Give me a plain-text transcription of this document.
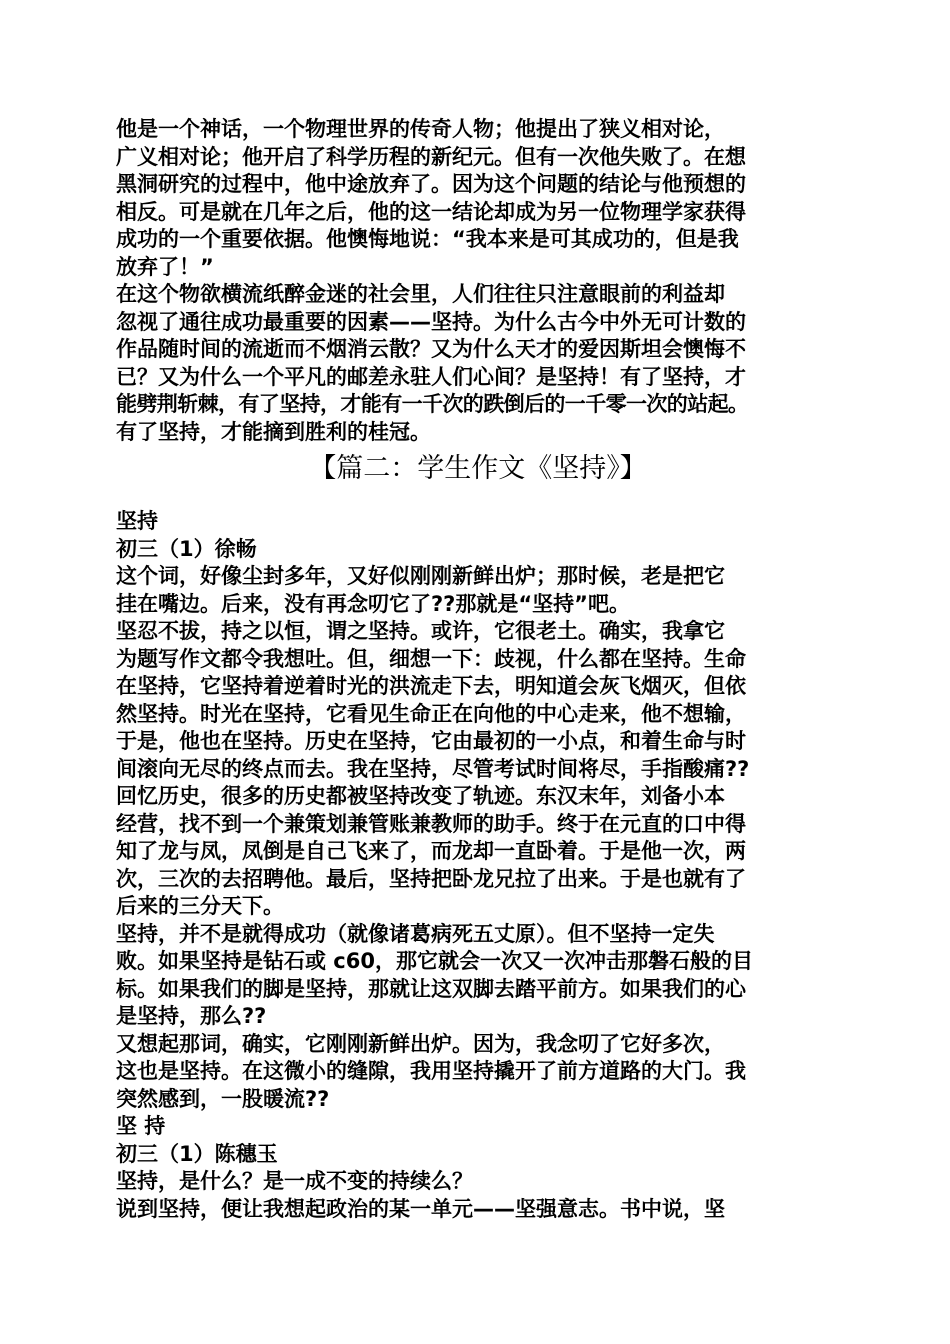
他是一个神话，一个物理世界的传奇人物；他提出了狭义相对论，
广义相对论；他开启了科学历程的新纪元。但有一次他失败了。在想
黑洞研究的过程中，他中途放弃了。因为这个问题的结论与他预想的
相反。可是就在几年之后，他的这一结论却成为另一位物理学家获得
成功的一个重要依据。他懊悔地说：“我本来是可其成功的，但是我
放弃了！”
在这个物欲横流纸醉金迷的社会里，人们往往只注意眼前的利益却
忽视了通往成功最重要的因素——坚持。为什么古今中外无可计数的
作品随时间的流逝而不烟消云散？又为什么天才的爱因斯坦会懊悔不
已？又为什么一个平凡的邮差永驻人们心间？是坚持！有了坚持，才
能劈荆斩棘，有了坚持，才能有一千次的跌倒后的一千零一次的站起。
有了坚持，才能摘到胜利的桂冠。
【篇二：学生作文《坚持》】
坚持
初三（1）徐畅
这个词，好像尘封多年，又好似刚刚新鲜出炉；那时候，老是把它
挂在嘴边。后来，没有再念叨它了??那就是“坚持”吧。
坚忍不拔，持之以恒，谓之坚持。或许，它很老土。确实，我拿它
为题写作文都令我想吐。但，细想一下：歧视，什么都在坚持。生命
在坚持，它坚持着逆着时光的洪流走下去，明知道会灰飞烟灭，但依
然坚持。时光在坚持，它看见生命正在向他的中心走来，他不想输，
于是，他也在坚持。历史在坚持，它由最初的一小点，和着生命与时
间滚向无尽的终点而去。我在坚持，尽管考试时间将尽，手指酸痛??
回忆历史，很多的历史都被坚持改变了轨迹。东汉末年，刘备小本
经营，找不到一个兼策划兼管账兼教师的助手。终于在元直的口中得
知了龙与凤，凤倒是自己飞来了，而龙却一直卧着。于是他一次，两
次，三次的去招聘他。最后，坚持把卧龙兄拉了出来。于是也就有了
后来的三分天下。
坚持，并不是就得成功（就像诸葛病死五丈原）。但不坚持一定失
败。如果坚持是钻石或 c60，那它就会一次又一次冲击那磐石般的目
标。如果我们的脚是坚持，那就让这双脚去踏平前方。如果我们的心
是坚持，那么??
又想起那词，确实，它刚刚新鲜出炉。因为，我念叨了它好多次，
这也是坚持。在这微小的缝隙，我用坚持撬开了前方道路的大门。我
突然感到，一股暖流??
坚 持
初三（1）陈穗玉
坚持，是什么？是一成不变的持续么？
说到坚持，便让我想起政治的某一单元——坚强意志。书中说，坚
